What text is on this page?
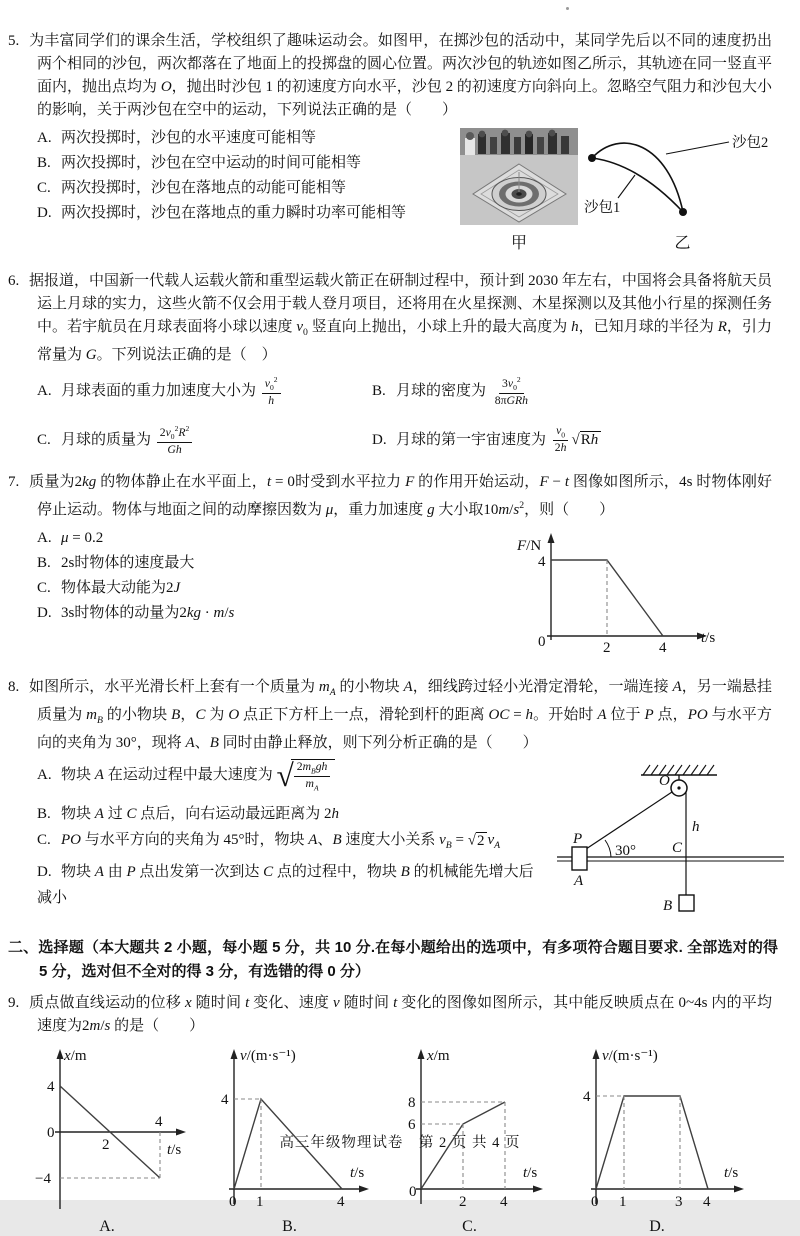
5. 为丰富同学们的课余生活，学校组织了趣味运动会。如图甲，在掷沙包的活动中，某同学先后以不同的速度扔出两个相同的沙包，两次都落在了地面上的投掷盘的圆心位置。两次沙包的轨迹如图乙所示，其轨迹在同一竖直平面内，抛出点均为 O，抛出时沙包 1 的初速度方向水平，沙包 2 的初速度方向斜向上。忽略空气阻力和沙包大小的影响，关于两沙包在空中的运动，下列说法正确的是（　　）

甲
沙包2
沙包1
乙
A. 两次投掷时，沙包的水平速度可能相等
B. 两次投掷时，沙包在空中运动的时间可能相等
C. 两次投掷时，沙包在落地点的动能可能相等
D. 两次投掷时，沙包在落地点的重力瞬时功率可能相等

6. 据报道，中国新一代载人运载火箭和重型运载火箭正在研制过程中，预计到 2030 年左右，中国将会具备将航天员运上月球的实力，这些火箭不仅会用于载人登月项目，还将用在火星探测、木星探测以及其他小行星的探测任务中。若宇航员在月球表面将小球以速度 $v_0$ 竖直向上抛出，小球上升的最大高度为 h，已知月球的半径为 R，引力常量为 G。下列说法正确的是（　）

A. 月球表面的重力加速度大小为 $\frac{v_0^2}{h}$	B. 月球的密度为 $\frac{3v_0^2}{\text{8πGRh}}$
C. 月球的质量为 $\frac{2v_0^2R^2}{Gh}$	D. 月球的第一宇宙速度为 $\frac{v_0}{2h} √Rh$

7. 质量为2kg 的物体静止在水平面上，t = 0时受到水平拉力 F 的作用开始运动，F − t 图像如图所示，4s 时物体刚好停止运动。物体与地面之间的动摩擦因数为 μ，重力加速度 g 大小取$10m/s^2$，则（　　）

F/N
t/s
4
0	2	4
A. μ = 0.2
B. 2s时物体的速度最大
C. 物体最大动能为2J
D. 3s时物体的动量为2kg · m/s

8. 如图所示，水平光滑长杆上套有一个质量为 $m_A$ 的小物块 A，细线跨过轻小光滑定滑轮，一端连接 A，另一端悬挂质量为 $m_B$ 的小物块 B，C 为 O 点正下方杆上一点，滑轮到杆的距离 OC = h。开始时 A 位于 P 点，PO 与水平方向的夹角为 30°，现将 A、B 同时由静止释放，则下列分析正确的是（　　）

O
P
30°
A
C
h
B
A. 物块 A 在运动过程中最大速度为 √ $\frac{2m_Bgh}{m_A}$
B. 物块 A 过 C 点后，向右运动最远距离为 2h
C. PO 与水平方向的夹角为 45°时，物块 A、B 速度大小关系 $v_B = √2$ $v_A$
D. 物块 A 由 P 点出发第一次到达 C 点的过程中，物块 B 的机械能先增大后减小

二、选择题（本大题共 2 小题，每小题 5 分，共 10 分.在每小题给出的选项中，有多项符合题目要求. 全部选对的得 5 分，选对但不全对的得 3 分，有选错的得 0 分）

9. 质点做直线运动的位移 x 随时间 t 变化、速度 v 随时间 t 变化的图像如图所示，其中能反映质点在 0~4s 内的平均速度为2m/s 的是（　　）

x/m
t/s
4
0
−4
2
4
A.
v/(m·s⁻¹)
t/s
4
0 1	4
B.
x/m
t/s
8
6
0
2 4
C.
v/(m·s⁻¹)
t/s
4
0 1	3 4
D.
高三年级物理试卷　第 2 页 共 4 页
